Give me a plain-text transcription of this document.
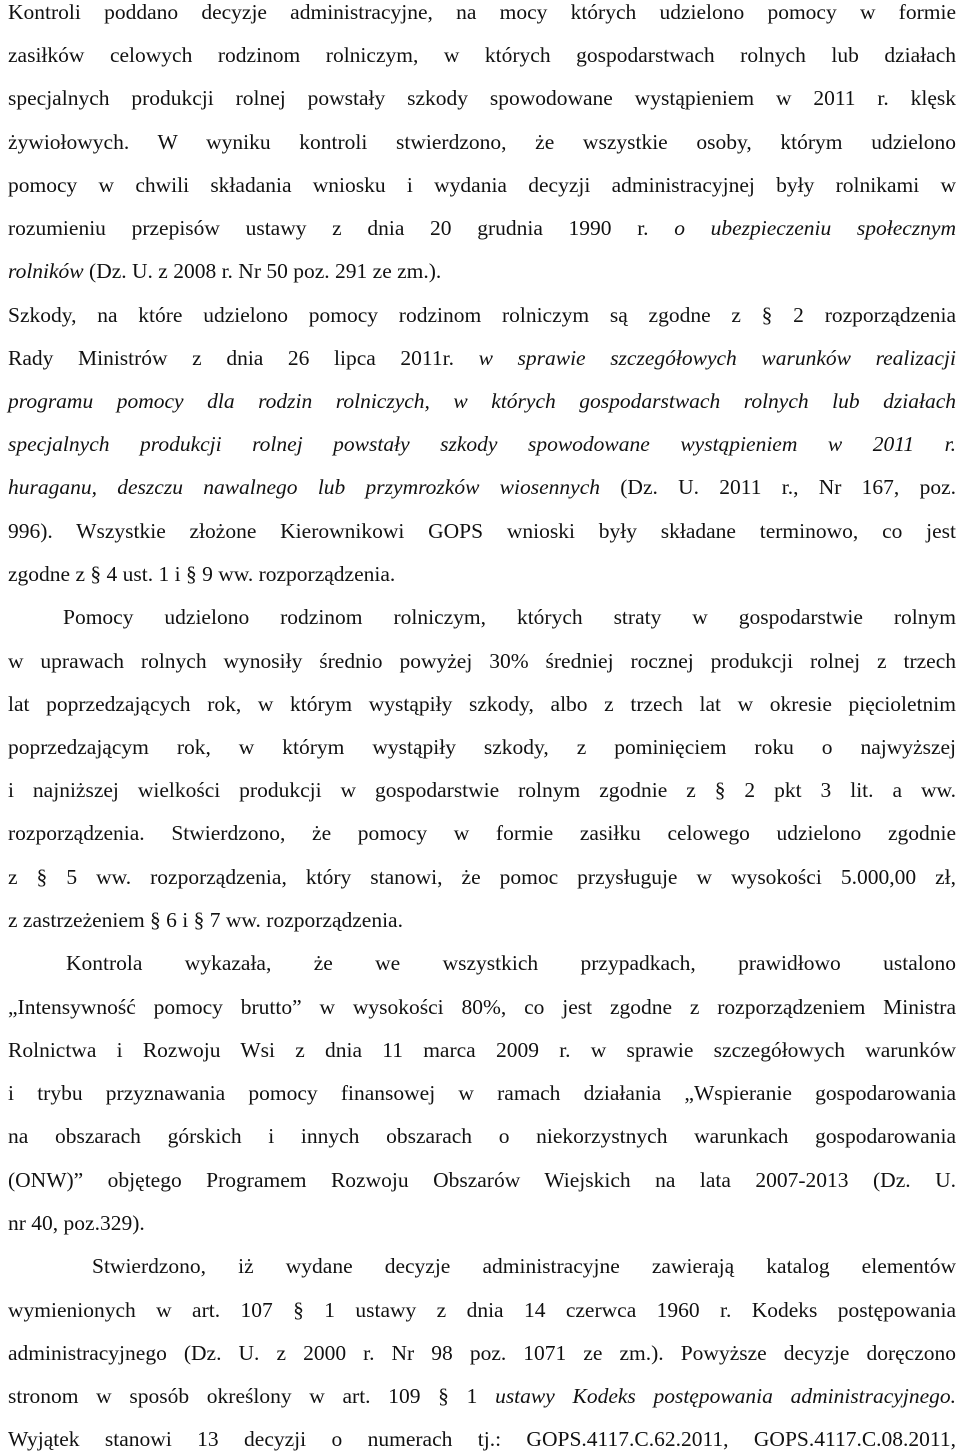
Kontroli poddano decyzje administracyjne, na mocy których udzielono pomocy w formie
zasiłków celowych rodzinom rolniczym, w których gospodarstwach rolnych lub działach
specjalnych produkcji rolnej powstały szkody spowodowane wystąpieniem w 2011 r. klęsk
żywiołowych. W wyniku kontroli stwierdzono, że wszystkie osoby, którym udzielono
pomocy w chwili składania wniosku i wydania decyzji administracyjnej były rolnikami w
rozumieniu przepisów ustawy z dnia 20 grudnia 1990 r. o ubezpieczeniu społecznym
rolników (Dz. U. z 2008 r. Nr 50 poz. 291 ze zm.).
Szkody, na które udzielono pomocy rodzinom rolniczym są zgodne z § 2 rozporządzenia
Rady Ministrów z dnia 26 lipca 2011r. w sprawie szczegółowych warunków realizacji
programu pomocy dla rodzin rolniczych, w których gospodarstwach rolnych lub działach
specjalnych produkcji rolnej powstały szkody spowodowane wystąpieniem w 2011 r.
huraganu, deszczu nawalnego lub przymrozków wiosennych (Dz. U. 2011 r., Nr 167, poz.
996). Wszystkie złożone Kierownikowi GOPS wnioski były składane terminowo, co jest
zgodne z § 4 ust. 1 i § 9 ww. rozporządzenia.
Pomocy udzielono rodzinom rolniczym, których straty w gospodarstwie rolnym
w uprawach rolnych wynosiły średnio powyżej 30% średniej rocznej produkcji rolnej z trzech
lat poprzedzających rok, w którym wystąpiły szkody, albo z trzech lat w okresie pięcioletnim
poprzedzającym rok, w którym wystąpiły szkody, z pominięciem roku o najwyższej
i najniższej wielkości produkcji w gospodarstwie rolnym zgodnie z § 2 pkt 3 lit. a ww.
rozporządzenia. Stwierdzono, że pomocy w formie zasiłku celowego udzielono zgodnie
z § 5 ww. rozporządzenia, który stanowi, że pomoc przysługuje w wysokości 5.000,00 zł,
z zastrzeżeniem § 6 i § 7 ww. rozporządzenia.
Kontrola wykazała, że we wszystkich przypadkach, prawidłowo ustalono
„Intensywność pomocy brutto” w wysokości 80%, co jest zgodne z rozporządzeniem Ministra
Rolnictwa i Rozwoju Wsi z dnia 11 marca 2009 r. w sprawie szczegółowych warunków
i trybu przyznawania pomocy finansowej w ramach działania „Wspieranie gospodarowania
na obszarach górskich i innych obszarach o niekorzystnych warunkach gospodarowania
(ONW)” objętego Programem Rozwoju Obszarów Wiejskich na lata 2007-2013 (Dz. U.
nr 40, poz.329).
Stwierdzono, iż wydane decyzje administracyjne zawierają katalog elementów
wymienionych w art. 107 § 1 ustawy z dnia 14 czerwca 1960 r. Kodeks postępowania
administracyjnego (Dz. U. z 2000 r. Nr 98 poz. 1071 ze zm.). Powyższe decyzje doręczono
stronom w sposób określony w art. 109 § 1 ustawy Kodeks postępowania administracyjnego.
Wyjątek stanowi 13 decyzji o numerach tj.: GOPS.4117.C.62.2011, GOPS.4117.C.08.2011,
